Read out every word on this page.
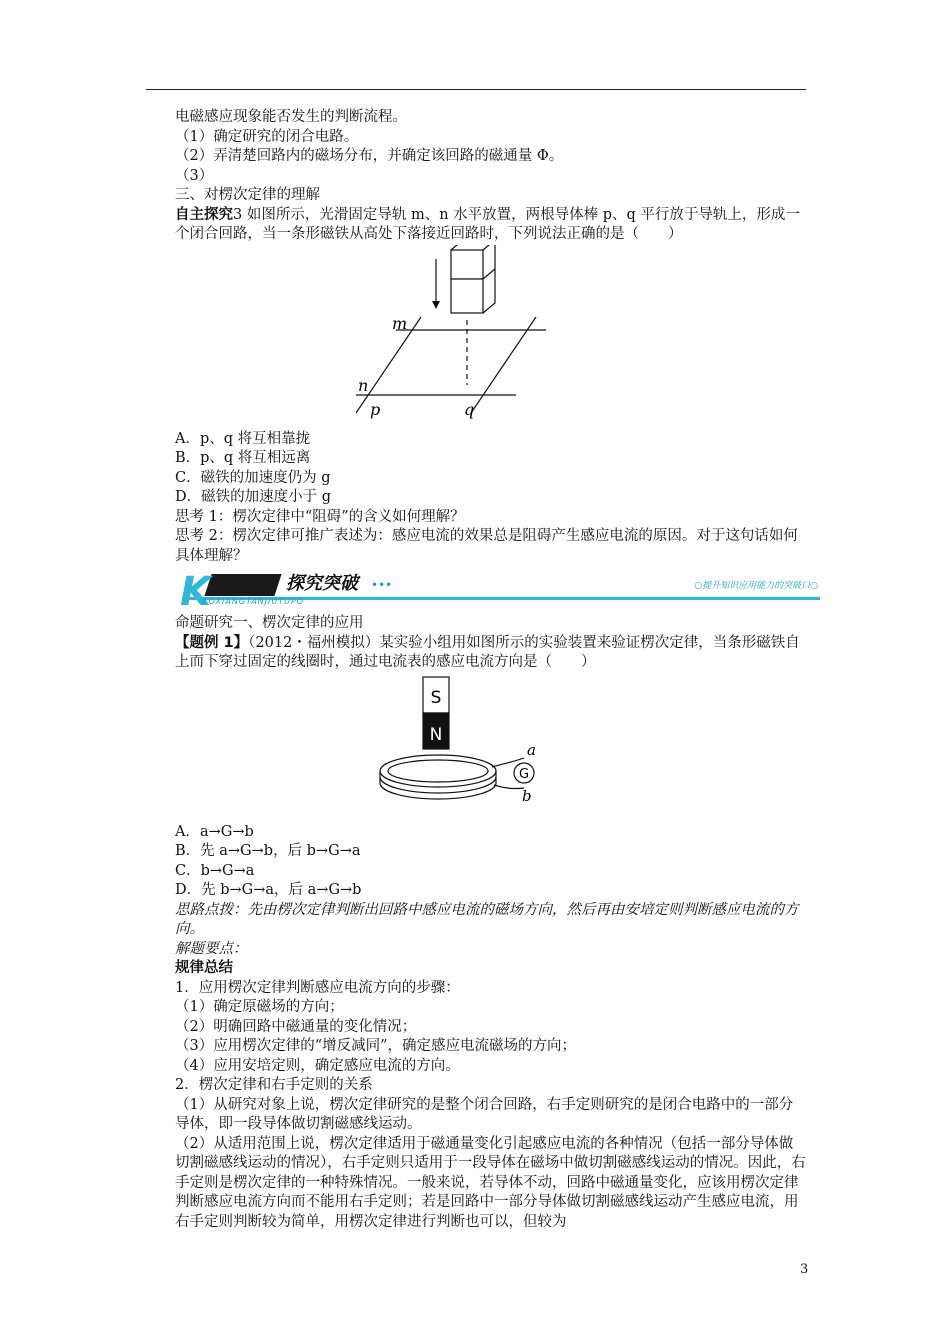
电磁感应现象能否发生的判断流程。
（1）确定研究的闭合电路。
（2）弄清楚回路内的磁场分布，并确定该回路的磁通量 Φ。
（3）
三、对楞次定律的理解
自主探究3 如图所示，光滑固定导轨 m、n 水平放置，两根导体棒 p、q 平行放于导轨上，形成一个闭合回路，当一条形磁铁从高处下落接近回路时，下列说法正确的是（　　）
m
n
p	q
A．p、q 将互相靠拢
B．p、q 将互相远离
C．磁铁的加速度仍为 g
D．磁铁的加速度小于 g
思考 1：楞次定律中“阻碍”的含义如何理解？
思考 2：楞次定律可推广表述为：感应电流的效果总是阻碍产生感应电流的原因。对于这句话如何具体理解？
K	探究突破 •••
AOXIANGTANJIUTUPO
○提升知识应用能力的突破口○
命题研究一、楞次定律的应用
【题例 1】（2012・福州模拟）某实验小组用如图所示的实验装置来验证楞次定律，当条形磁铁自上而下穿过固定的线圈时，通过电流表的感应电流方向是（　　）
S
N
G
a
b
A．a→G→b
B．先 a→G→b，后 b→G→a
C．b→G→a
D．先 b→G→a，后 a→G→b
思路点拨：先由楞次定律判断出回路中感应电流的磁场方向，然后再由安培定则判断感应电流的方向。
解题要点：
规律总结
1．应用楞次定律判断感应电流方向的步骤：
（1）确定原磁场的方向；
（2）明确回路中磁通量的变化情况；
（3）应用楞次定律的“增反减同”，确定感应电流磁场的方向；
（4）应用安培定则，确定感应电流的方向。
2．楞次定律和右手定则的关系
（1）从研究对象上说，楞次定律研究的是整个闭合回路，右手定则研究的是闭合电路中的一部分导体，即一段导体做切割磁感线运动。
（2）从适用范围上说，楞次定律适用于磁通量变化引起感应电流的各种情况（包括一部分导体做切割磁感线运动的情况），右手定则只适用于一段导体在磁场中做切割磁感线运动的情况。因此，右手定则是楞次定律的一种特殊情况。一般来说，若导体不动，回路中磁通量变化，应该用楞次定律判断感应电流方向而不能用右手定则；若是回路中一部分导体做切割磁感线运动产生感应电流，用右手定则判断较为简单，用楞次定律进行判断也可以，但较为
3
